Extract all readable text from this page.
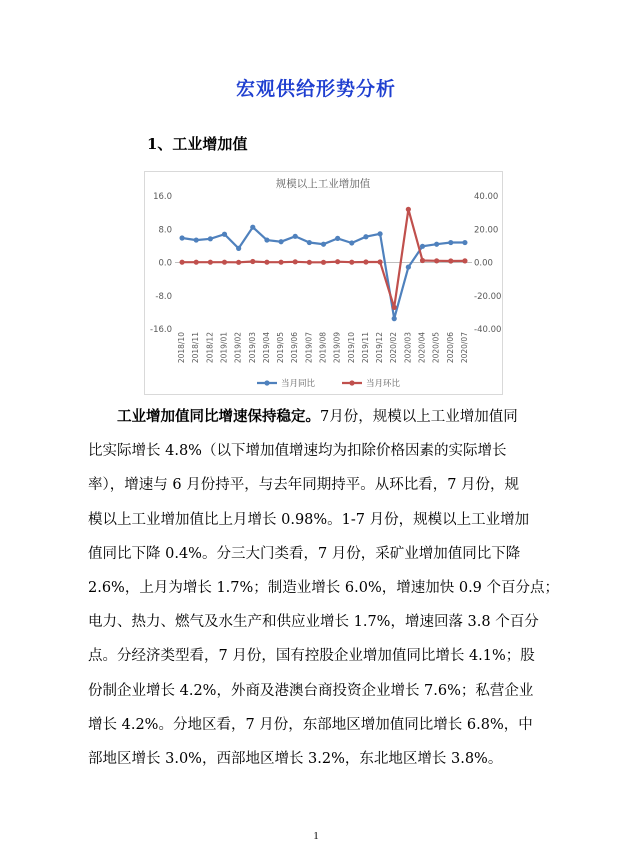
宏观供给形势分析
1、工业增加值
规模以上工业增加值
16.0
8.0
0.0
-8.0
-16.0
40.00
20.00
0.00
-20.00
-40.00
2018/10 2018/11 2018/12 2019/01 2019/02 2019/03 2019/04 2019/05 2019/06 2019/07 2019/08 2019/09 2019/10 2019/11 2019/12 2020/02 2020/03 2020/04 2020/05 2020/06 2020/07
当月同比	当月环比
工业增加值同比增速保持稳定。7月份，规模以上工业增加值同
比实际增长 4.8%（以下增加值增速均为扣除价格因素的实际增长
率），增速与 6 月份持平，与去年同期持平。从环比看，7 月份，规
模以上工业增加值比上月增长 0.98%。1-7 月份，规模以上工业增加
值同比下降 0.4%。分三大门类看，7 月份，采矿业增加值同比下降
2.6%，上月为增长 1.7%；制造业增长 6.0%，增速加快 0.9 个百分点；
电力、热力、燃气及水生产和供应业增长 1.7%，增速回落 3.8 个百分
点。分经济类型看，7 月份，国有控股企业增加值同比增长 4.1%；股
份制企业增长 4.2%，外商及港澳台商投资企业增长 7.6%；私营企业
增长 4.2%。分地区看，7 月份，东部地区增加值同比增长 6.8%，中
部地区增长 3.0%，西部地区增长 3.2%，东北地区增长 3.8%。
1
